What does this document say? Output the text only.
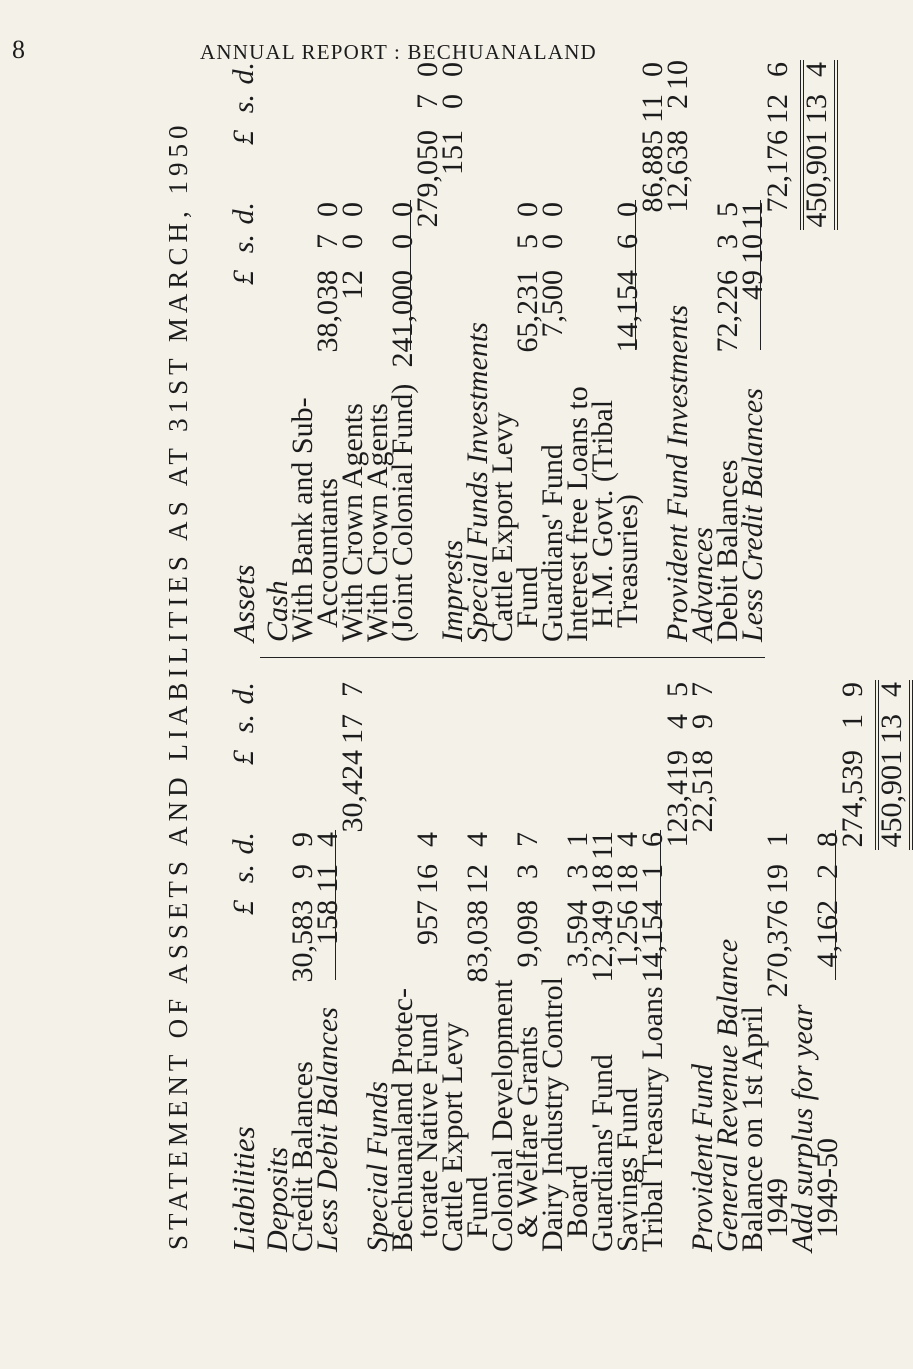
8	ANNUAL REPORT : BECHUANALAND
STATEMENT OF ASSETS AND LIABILITIES AS AT 31ST MARCH, 1950 Liabilities
£
s.
d.
£
s.
d.
Deposits
Credit Balances
30,583
9
9
Less Debit Balances
158
11
4
30,424
17
7
Special Funds
Bechuanaland Protec-
torate Native Fund
957
16
4
Cattle Export Levy
Fund
83,038
12
4
Colonial Development
& Welfare Grants
9,098
3
7
Dairy Industry Control
Board
3,594
3
1
Guardians' Fund
12,349
18
11
Savings Fund
1,256
18
4
Tribal Treasury Loans
14,154
1
6
123,419
4
5
Provident Fund
22,518
9
7
General Revenue Balance
Balance on 1st April
1949
270,376
19
1
Add surplus for year
1949-50
4,162
2
8
274,539
1
9
450,901
13
4
Assets
£
s.
d.
£
s.
d.
Cash
With Bank and Sub-
Accountants
38,038
7
0
With Crown Agents
12
0
0
With Crown Agents
(Joint Colonial Fund)
241,000
0
0
279,050
7
0
Imprests
151
0
0
Special Funds Investments
Cattle Export Levy
Fund
65,231
5
0
Guardians' Fund
7,500
0
0
Interest free Loans to
H.M. Govt. (Tribal
Treasuries)
14,154
6
0
86,885
11
0
Provident Fund Investments
12,638
2
10
Advances
Debit Balances
72,226
3
5
Less Credit Balances
49
10
11
72,176
12
6
450,901
13
4
